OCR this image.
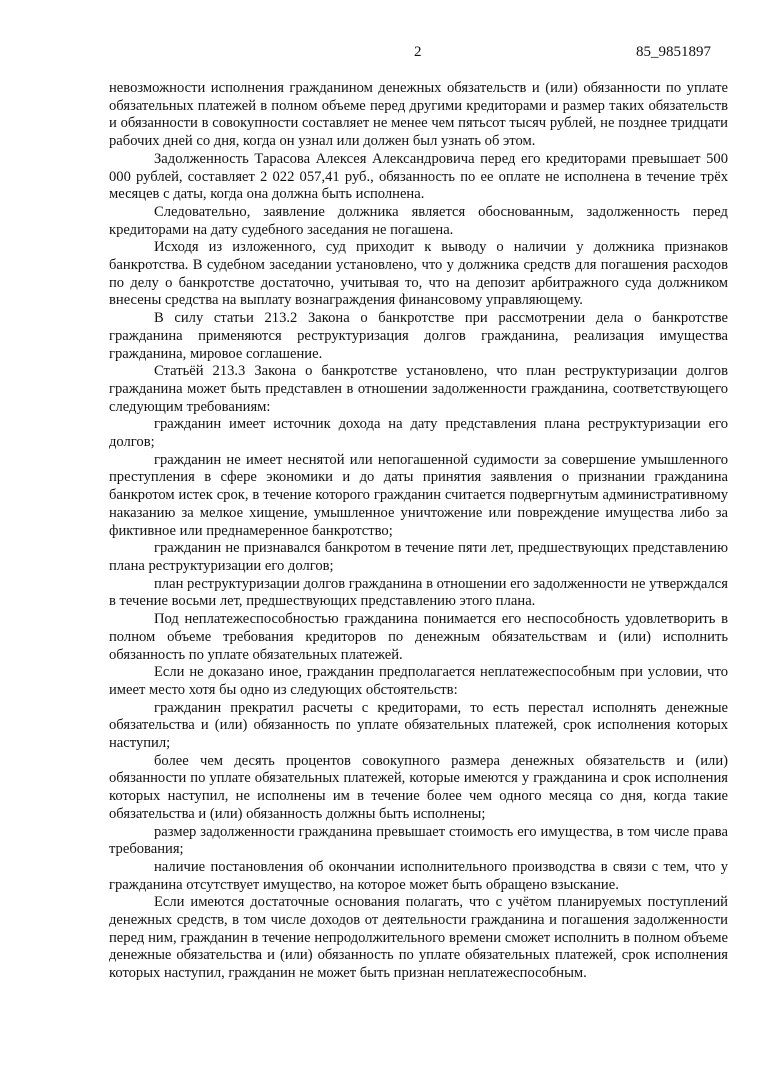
2	85_9851897

невозможности исполнения гражданином денежных обязательств и (или) обязанности по уплате обязательных платежей в полном объеме перед другими кредиторами и размер таких обязательств и обязанности в совокупности составляет не менее чем пятьсот тысяч рублей, не позднее тридцати рабочих дней со дня, когда он узнал или должен был узнать об этом.

Задолженность Тарасова Алексея Александровича перед его кредиторами превышает 500 000 рублей, составляет 2 022 057,41 руб., обязанность по ее оплате не исполнена в течение трёх месяцев с даты, когда она должна быть исполнена.

Следовательно, заявление должника является обоснованным, задолженность перед кредиторами на дату судебного заседания не погашена.

Исходя из изложенного, суд приходит к выводу о наличии у должника признаков банкротства. В судебном заседании установлено, что у должника средств для погашения расходов по делу о банкротстве достаточно, учитывая то, что на депозит арбитражного суда должником внесены средства на выплату вознаграждения финансовому управляющему.

В силу статьи 213.2 Закона о банкротстве при рассмотрении дела о банкротстве гражданина применяются реструктуризация долгов гражданина, реализация имущества гражданина, мировое соглашение.

Статьёй 213.3 Закона о банкротстве установлено, что план реструктуризации долгов гражданина может быть представлен в отношении задолженности гражданина, соответствующего следующим требованиям:

гражданин имеет источник дохода на дату представления плана реструктуризации его долгов;

гражданин не имеет неснятой или непогашенной судимости за совершение умышленного преступления в сфере экономики и до даты принятия заявления о признании гражданина банкротом истек срок, в течение которого гражданин считается подвергнутым административному наказанию за мелкое хищение, умышленное уничтожение или повреждение имущества либо за фиктивное или преднамеренное банкротство;

гражданин не признавался банкротом в течение пяти лет, предшествующих представлению плана реструктуризации его долгов;

план реструктуризации долгов гражданина в отношении его задолженности не утверждался в течение восьми лет, предшествующих представлению этого плана.

Под неплатежеспособностью гражданина понимается его неспособность удовлетворить в полном объеме требования кредиторов по денежным обязательствам и (или) исполнить обязанность по уплате обязательных платежей.

Если не доказано иное, гражданин предполагается неплатежеспособным при условии, что имеет место хотя бы одно из следующих обстоятельств:

гражданин прекратил расчеты с кредиторами, то есть перестал исполнять денежные обязательства и (или) обязанность по уплате обязательных платежей, срок исполнения которых наступил;

более чем десять процентов совокупного размера денежных обязательств и (или) обязанности по уплате обязательных платежей, которые имеются у гражданина и срок исполнения которых наступил, не исполнены им в течение более чем одного месяца со дня, когда такие обязательства и (или) обязанность должны быть исполнены;

размер задолженности гражданина превышает стоимость его имущества, в том числе права требования;

наличие постановления об окончании исполнительного производства в связи с тем, что у гражданина отсутствует имущество, на которое может быть обращено взыскание.

Если имеются достаточные основания полагать, что с учётом планируемых поступлений денежных средств, в том числе доходов от деятельности гражданина и погашения задолженности перед ним, гражданин в течение непродолжительного времени сможет исполнить в полном объеме денежные обязательства и (или) обязанность по уплате обязательных платежей, срок исполнения которых наступил, гражданин не может быть признан неплатежеспособным.
